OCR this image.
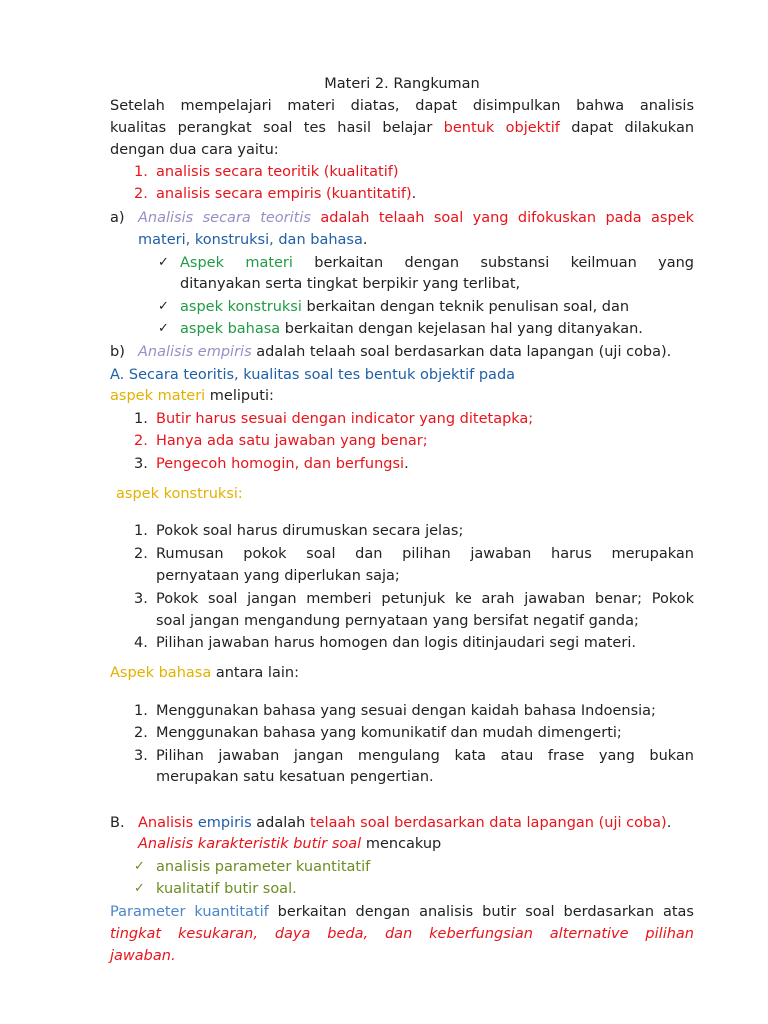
Materi 2. Rangkuman
Setelah mempelajari materi diatas, dapat disimpulkan bahwa analisis
kualitas perangkat soal tes hasil belajar bentuk objektif dapat dilakukan
dengan dua cara yaitu:
1. analisis secara teoritik (kualitatif)
2. analisis secara empiris (kuantitatif).
a) Analisis secara teoritis adalah telaah soal yang difokuskan pada aspek
materi, konstruksi, dan bahasa.
✓ Aspek materi berkaitan dengan substansi keilmuan yang
ditanyakan serta tingkat berpikir yang terlibat,
✓ aspek konstruksi berkaitan dengan teknik penulisan soal, dan
✓ aspek bahasa berkaitan dengan kejelasan hal yang ditanyakan.
b) Analisis empiris adalah telaah soal berdasarkan data lapangan (uji coba).
A. Secara teoritis, kualitas soal tes bentuk objektif pada
aspek materi meliputi:
1. Butir harus sesuai dengan indicator yang ditetapka;
2. Hanya ada satu jawaban yang benar;
3. Pengecoh homogin, dan berfungsi.
aspek konstruksi:
1. Pokok soal harus dirumuskan secara jelas;
2. Rumusan pokok soal dan pilihan jawaban harus merupakan
pernyataan yang diperlukan saja;
3. Pokok soal jangan memberi petunjuk ke arah jawaban benar; Pokok
soal jangan mengandung pernyataan yang bersifat negatif ganda;
4. Pilihan jawaban harus homogen dan logis ditinjaudari segi materi.
Aspek bahasa antara lain:
1. Menggunakan bahasa yang sesuai dengan kaidah bahasa Indoensia;
2. Menggunakan bahasa yang komunikatif dan mudah dimengerti;
3. Pilihan jawaban jangan mengulang kata atau frase yang bukan
merupakan satu kesatuan pengertian.
B. Analisis empiris adalah telaah soal berdasarkan data lapangan (uji coba).
Analisis karakteristik butir soal mencakup
✓ analisis parameter kuantitatif
✓ kualitatif butir soal.
Parameter kuantitatif berkaitan dengan analisis butir soal berdasarkan atas
tingkat kesukaran, daya beda, dan keberfungsian alternative pilihan
jawaban.
